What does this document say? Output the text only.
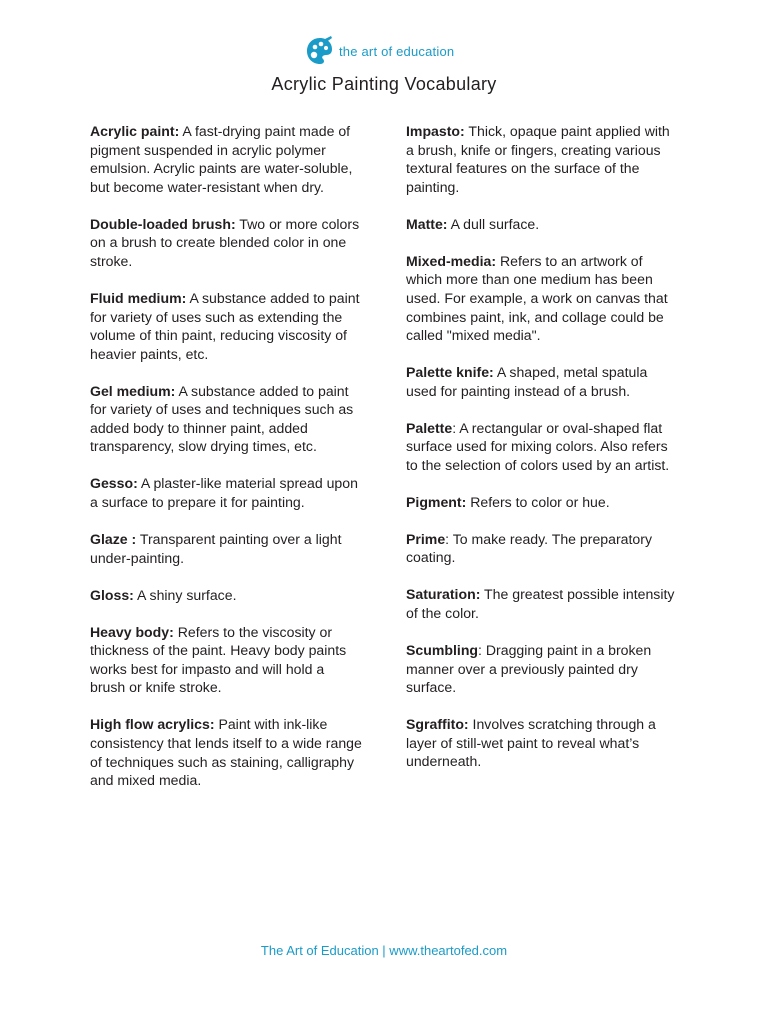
the art of education
Acrylic Painting Vocabulary
Acrylic paint: A fast-drying paint made of pigment suspended in acrylic polymer emulsion. Acrylic paints are water-soluble, but become water-resistant when dry.
Double-loaded brush: Two or more colors on a brush to create blended color in one stroke.
Fluid medium: A substance added to paint for variety of uses such as extending the volume of thin paint, reducing viscosity of heavier paints, etc.
Gel medium: A substance added to paint for variety of uses and techniques such as added body to thinner paint, added transparency, slow drying times, etc.
Gesso: A plaster-like material spread upon a surface to prepare it for painting.
Glaze : Transparent painting over a light under-painting.
Gloss: A shiny surface.
Heavy body: Refers to the viscosity or thickness of the paint. Heavy body paints works best for impasto and will hold a brush or knife stroke.
High flow acrylics: Paint with ink-like consistency that lends itself to a wide range of techniques such as staining, calligraphy and mixed media.
Impasto: Thick, opaque paint applied with a brush, knife or fingers, creating various textural features on the surface of the painting.
Matte: A dull surface.
Mixed-media: Refers to an artwork of which more than one medium has been used. For example, a work on canvas that combines paint, ink, and collage could be called "mixed media".
Palette knife: A shaped, metal spatula used for painting instead of a brush.
Palette: A rectangular or oval-shaped flat surface used for mixing colors. Also refers to the selection of colors used by an artist.
Pigment: Refers to color or hue.
Prime: To make ready. The preparatory coating.
Saturation: The greatest possible intensity of the color.
Scumbling: Dragging paint in a broken manner over a previously painted dry surface.
Sgraffito: Involves scratching through a layer of still-wet paint to reveal what’s underneath.
The Art of Education | www.theartofed.com
